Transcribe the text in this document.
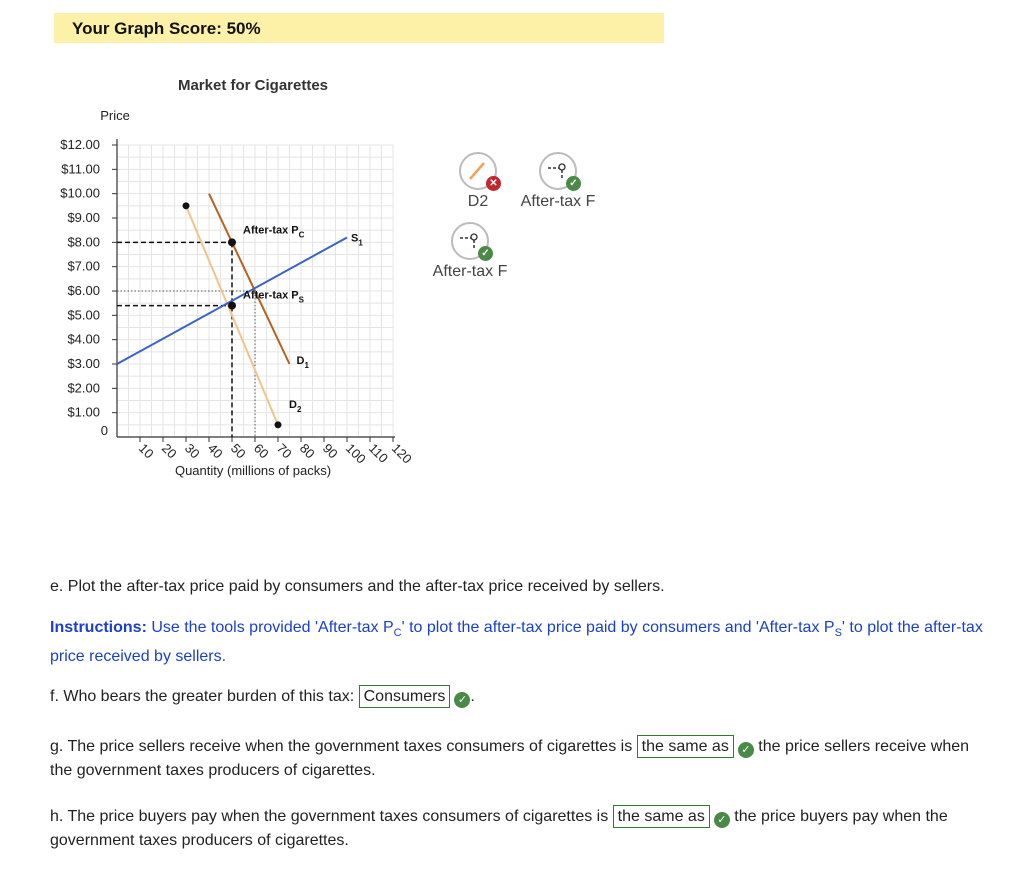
Your Graph Score: 50%
Market for Cigarettes
Price
Quantity (millions of packs)
0
$1.00
$2.00
$3.00
$4.00
$5.00
$6.00
$7.00
$8.00
$9.00
$10.00
$11.00
$12.00
10 20 30 40 50 60 70 80 90 100
110
120
$S_1$
$D_1$
$D_2$
After-tax $P_C$
After-tax $P_S$
✕
D2
✓
After-tax F
✓
After-tax F
e. Plot the after-tax price paid by consumers and the after-tax price received by sellers.
Instructions: Use the tools provided 'After-tax $P_C'$ to plot the after-tax price paid by consumers and 'After-tax $P_S'$ to plot the after-tax price received by sellers.
f. Who bears the greater burden of this tax: Consumers ✓ .
g. The price sellers receive when the government taxes consumers of cigarettes is the same as ✓ the price sellers receive when the government taxes producers of cigarettes.
h. The price buyers pay when the government taxes consumers of cigarettes is the same as ✓ the price buyers pay when the government taxes producers of cigarettes.
